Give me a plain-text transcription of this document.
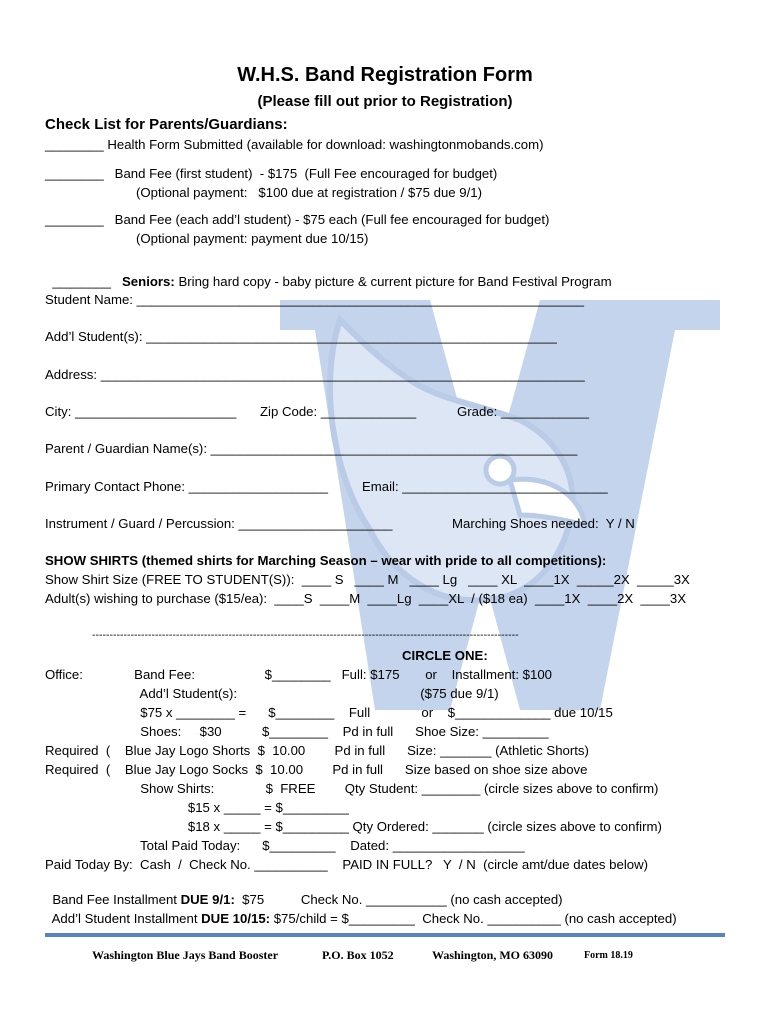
W.H.S. Band Registration Form
(Please fill out prior to Registration)
Check List for Parents/Guardians:
________ Health Form Submitted (available for download: washingtonmobands.com)
________   Band Fee (first student)  - $175  (Full Fee encouraged for budget)
(Optional payment:   $100 due at registration / $75 due 9/1)
________   Band Fee (each add’l student) - $75 each (Full fee encouraged for budget)
(Optional payment: payment due 10/15)

________ Seniors: Bring hard copy - baby picture & current picture for Band Festival Program

Student Name: _____________________________________________________________
Add’l Student(s): ________________________________________________________
Address: __________________________________________________________________
City: ______________________ Zip Code: _____________	Grade: ____________
Parent / Guardian Name(s): __________________________________________________
Primary Contact Phone: ___________________	Email: ____________________________
Instrument / Guard / Percussion: _____________________	Marching Shoes needed:  Y / N
SHOW SHIRTS (themed shirts for Marching Season – wear with pride to all competitions):
Show Shirt Size (FREE TO STUDENT(S)):  ____ S   ____ M   ____ Lg   ____ XL  ____1X  _____2X  _____3X
Adult(s) wishing to purchase ($15/ea):  ____S  ____M  ____Lg  ____XL  / ($18 ea)  ____1X  ____2X  ____3X
--------------------------------------------------------------------------------------------------------------------------
CIRCLE ONE:
Office:              Band Fee:                   $________   Full: $175       or    Installment: $100
Add’l Student(s):                                                  ($75 due 9/1)
$75 x ________ =      $________    Full              or    $_____________ due 10/15
Shoes:     $30           $________    Pd in full      Shoe Size: _________
Required  (    Blue Jay Logo Shorts  $  10.00        Pd in full      Size: _______ (Athletic Shorts)
Required  (    Blue Jay Logo Socks  $  10.00        Pd in full      Size based on shoe size above
Show Shirts:              $  FREE        Qty Student: ________ (circle sizes above to confirm)
$15 x _____ = $_________
$18 x _____ = $_________ Qty Ordered: _______ (circle sizes above to confirm)
Total Paid Today:      $_________    Dated: __________________
Paid Today By:  Cash  /  Check No. __________    PAID IN FULL?   Y  / N  (circle amt/due dates below)

Band Fee Installment DUE 9/1:  $75          Check No. ___________ (no cash accepted)

Add’l Student Installment DUE 10/15: $75/child = $_________  Check No. __________ (no cash accepted)

Washington Blue Jays Band Booster	P.O. Box 1052	Washington, MO 63090	Form 18.19
